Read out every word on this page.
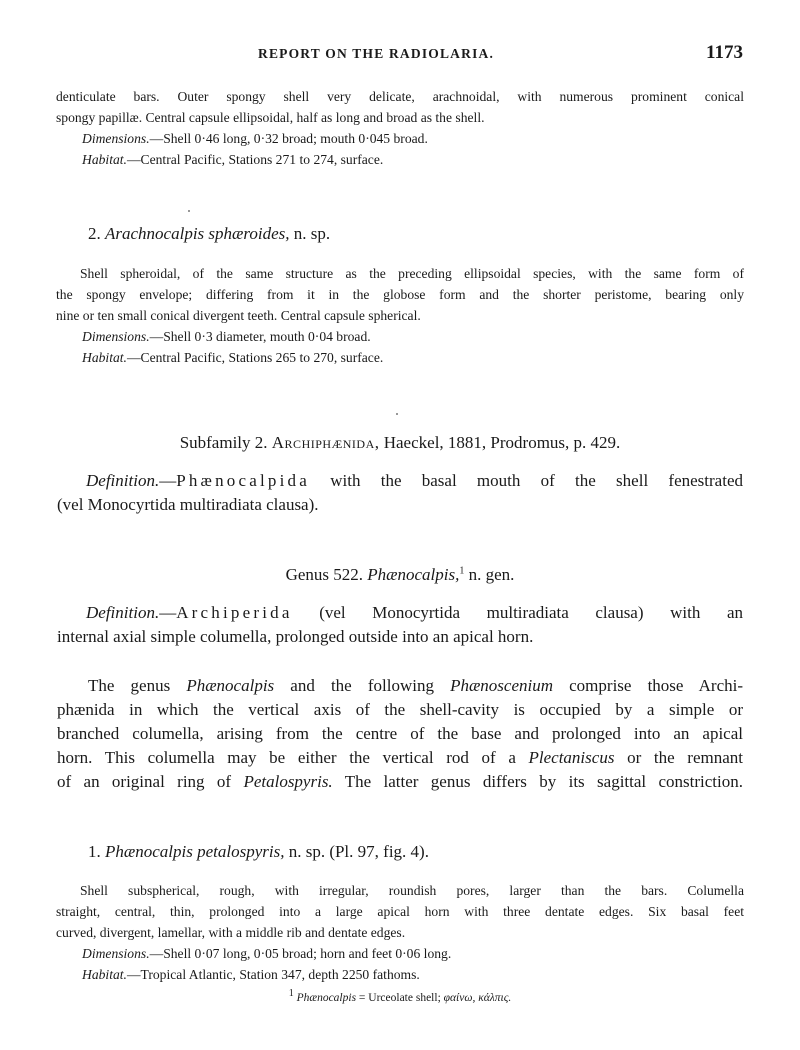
REPORT ON THE RADIOLARIA.	1173

denticulate bars. Outer spongy shell very delicate, arachnoidal, with numerous prominent conical

spongy papillæ. Central capsule ellipsoidal, half as long and broad as the shell.

Dimensions.—Shell 0·46 long, 0·32 broad; mouth 0·045 broad.

Habitat.—Central Pacific, Stations 271 to 274, surface.

2. Arachnocalpis sphæroides, n. sp.

Shell spheroidal, of the same structure as the preceding ellipsoidal species, with the same form of

the spongy envelope; differing from it in the globose form and the shorter peristome, bearing only

nine or ten small conical divergent teeth. Central capsule spherical.

Dimensions.—Shell 0·3 diameter, mouth 0·04 broad.

Habitat.—Central Pacific, Stations 265 to 270, surface.

Subfamily 2. Archiphænida, Haeckel, 1881, Prodromus, p. 429.

Definition.—Phænocalpida with the basal mouth of the shell fenestrated

(vel Monocyrtida multiradiata clausa).

Genus 522. Phænocalpis,$^1$ n. gen.

Definition.—Archiperida (vel Monocyrtida multiradiata clausa) with an

internal axial simple columella, prolonged outside into an apical horn.

The genus Phænocalpis and the following Phænoscenium comprise those Archi-

phænida in which the vertical axis of the shell-cavity is occupied by a simple or

branched columella, arising from the centre of the base and prolonged into an apical

horn. This columella may be either the vertical rod of a Plectaniscus or the remnant

of an original ring of Petalospyris. The latter genus differs by its sagittal constriction.

1. Phænocalpis petalospyris, n. sp. (Pl. 97, fig. 4).

Shell subspherical, rough, with irregular, roundish pores, larger than the bars. Columella

straight, central, thin, prolonged into a large apical horn with three dentate edges. Six basal feet

curved, divergent, lamellar, with a middle rib and dentate edges.

Dimensions.—Shell 0·07 long, 0·05 broad; horn and feet 0·06 long.

Habitat.—Tropical Atlantic, Station 347, depth 2250 fathoms.

1 Phænocalpis = Urceolate shell; φαίνω, κάλπις.
